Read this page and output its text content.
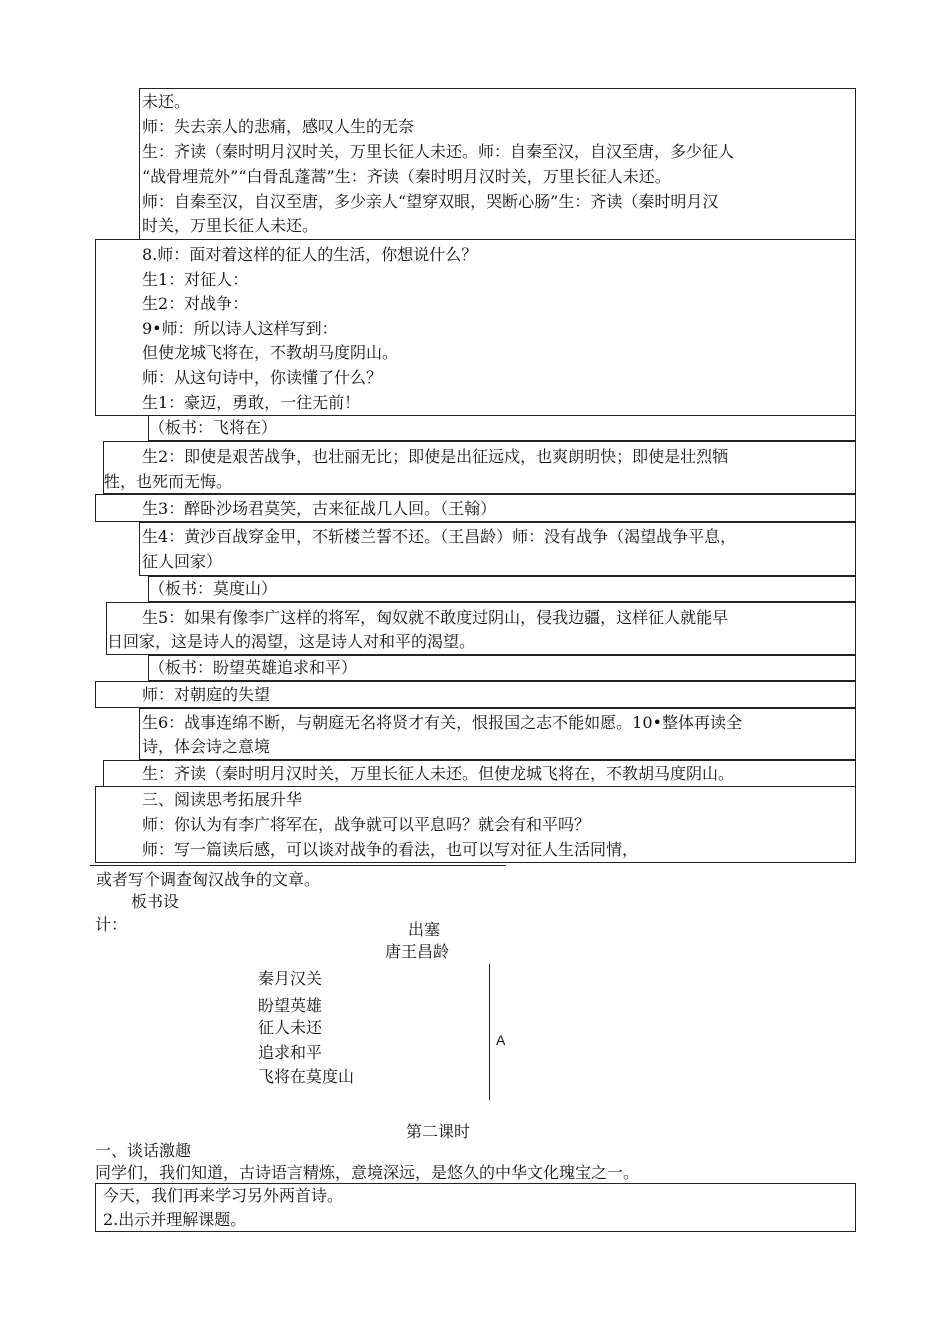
未还。
师：失去亲人的悲痛，感叹人生的无奈
生：齐读（秦时明月汉时关，万里长征人未还。师：自秦至汉，自汉至唐，多少征人
“战骨埋荒外”“白骨乱蓬蒿”生：齐读（秦时明月汉时关，万里长征人未还。
师：自秦至汉，自汉至唐，多少亲人“望穿双眼，哭断心肠”生：齐读（秦时明月汉
时关，万里长征人未还。
8.师：面对着这样的征人的生活，你想说什么？
生1：对征人：
生2：对战争：
9•师：所以诗人这样写到：
但使龙城飞将在，不教胡马度阴山。
师：从这句诗中，你读懂了什么？
生1：豪迈，勇敢，一往无前！
（板书：飞将在）
生2：即使是艰苦战争，也壮丽无比；即使是出征远戍，也爽朗明快；即使是壮烈牺
牲，也死而无悔。
生3：醉卧沙场君莫笑，古来征战几人回。（王翰）
生4：黄沙百战穿金甲，不斩楼兰誓不还。（王昌龄）师：没有战争（渴望战争平息，
征人回家）
（板书：莫度山）
生5：如果有像李广这样的将军，匈奴就不敢度过阴山，侵我边疆，这样征人就能早
日回家，这是诗人的渴望，这是诗人对和平的渴望。
（板书：盼望英雄追求和平）
师：对朝庭的失望
生6：战事连绵不断，与朝庭无名将贤才有关，恨报国之志不能如愿。10•整体再读全
诗，体会诗之意境
生：齐读（秦时明月汉时关，万里长征人未还。但使龙城飞将在，不教胡马度阴山。
三、阅读思考拓展升华
师：你认为有李广将军在，战争就可以平息吗？就会有和平吗？
师：写一篇读后感，可以谈对战争的看法，也可以写对征人生活同情，
或者写个调查匈汉战争的文章。
板书设
计：	出塞
唐王昌龄
秦月汉关
盼望英雄
征人未还
追求和平
飞将在莫度山
A
第二课时
一、谈话激趣
同学们，我们知道，古诗语言精炼，意境深远，是悠久的中华文化瑰宝之一。
今天，我们再来学习另外两首诗。
2.出示并理解课题。
